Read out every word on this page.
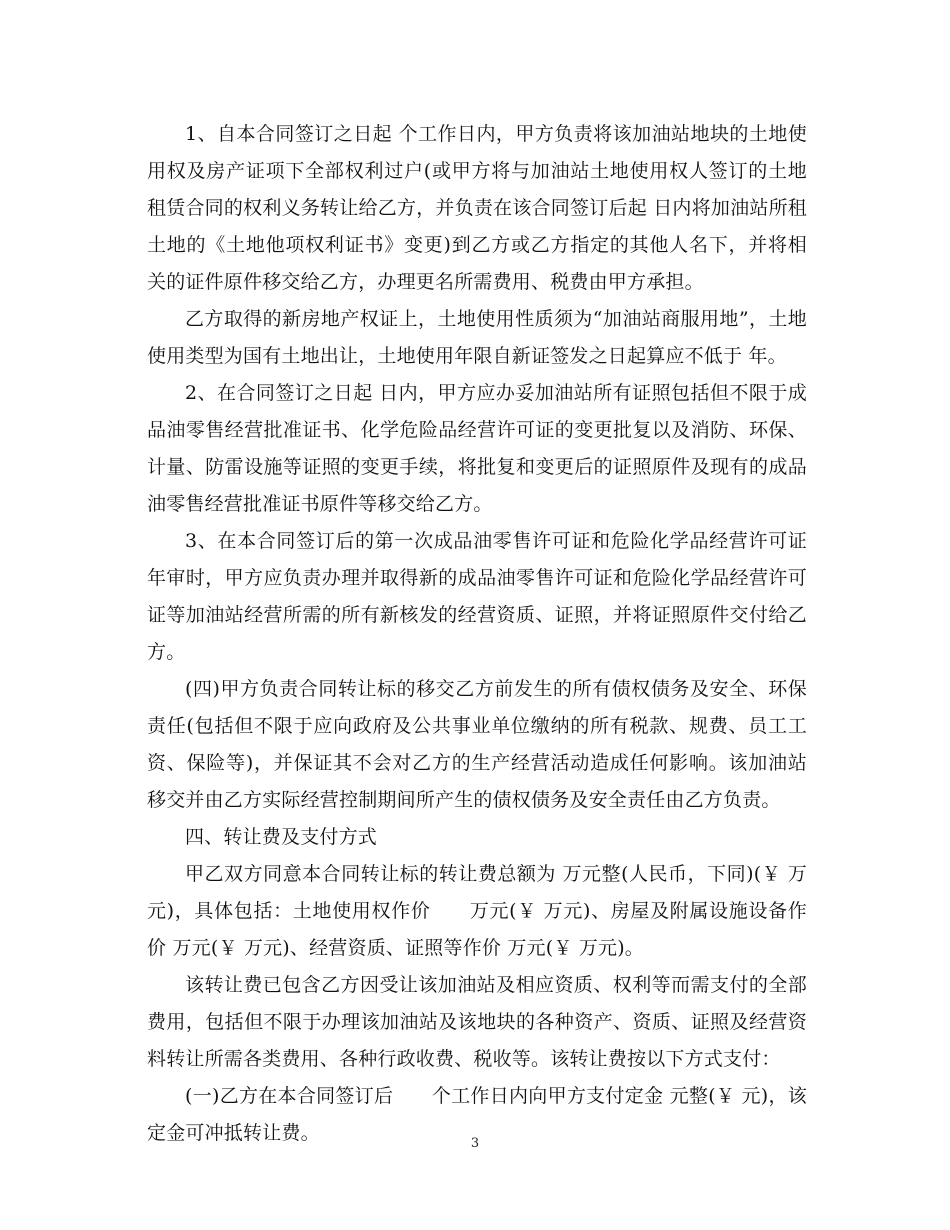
1、自本合同签订之日起 个工作日内，甲方负责将该加油站地块的土地使用权及房产证项下全部权利过户(或甲方将与加油站土地使用权人签订的土地租赁合同的权利义务转让给乙方，并负责在该合同签订后起 日内将加油站所租土地的《土地他项权利证书》变更)到乙方或乙方指定的其他人名下，并将相关的证件原件移交给乙方，办理更名所需费用、税费由甲方承担。

乙方取得的新房地产权证上，土地使用性质须为“加油站商服用地”，土地使用类型为国有土地出让，土地使用年限自新证签发之日起算应不低于 年。

2、在合同签订之日起 日内，甲方应办妥加油站所有证照包括但不限于成品油零售经营批准证书、化学危险品经营许可证的变更批复以及消防、环保、计量、防雷设施等证照的变更手续，将批复和变更后的证照原件及现有的成品油零售经营批准证书原件等移交给乙方。

3、在本合同签订后的第一次成品油零售许可证和危险化学品经营许可证年审时，甲方应负责办理并取得新的成品油零售许可证和危险化学品经营许可证等加油站经营所需的所有新核发的经营资质、证照，并将证照原件交付给乙方。

(四)甲方负责合同转让标的移交乙方前发生的所有债权债务及安全、环保责任(包括但不限于应向政府及公共事业单位缴纳的所有税款、规费、员工工资、保险等)，并保证其不会对乙方的生产经营活动造成任何影响。该加油站移交并由乙方实际经营控制期间所产生的债权债务及安全责任由乙方负责。

四、转让费及支付方式

甲乙双方同意本合同转让标的转让费总额为 万元整(人民币，下同)(￥ 万元)，具体包括：土地使用权作价　　万元(￥ 万元)、房屋及附属设施设备作价 万元(￥ 万元)、经营资质、证照等作价 万元(￥ 万元)。

该转让费已包含乙方因受让该加油站及相应资质、权利等而需支付的全部费用，包括但不限于办理该加油站及该地块的各种资产、资质、证照及经营资料转让所需各类费用、各种行政收费、税收等。该转让费按以下方式支付：

(一)乙方在本合同签订后　　个工作日内向甲方支付定金 元整(￥ 元)，该定金可冲抵转让费。	3
